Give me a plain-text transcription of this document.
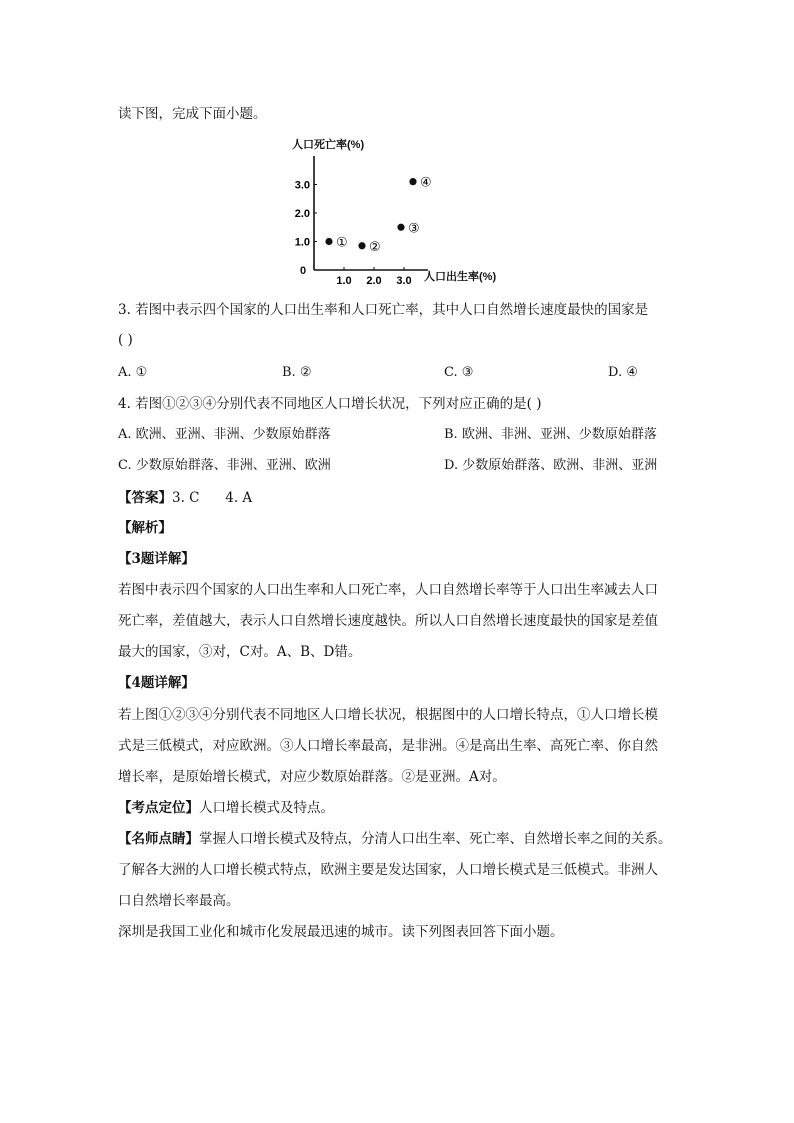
读下图，完成下面小题。
人口死亡率(%)
0	人口出生率(%)
1.0 2.0 3.0
1.0
2.0
3.0
① ②
③
④
3. 若图中表示四个国家的人口出生率和人口死亡率，其中人口自然增长速度最快的国家是
( )
A. ①	B. ②	C. ③	D. ④
4. 若图①②③④分别代表不同地区人口增长状况，下列对应正确的是( )
A. 欧洲、亚洲、非洲、少数原始群落	B. 欧洲、非洲、亚洲、少数原始群落
C. 少数原始群落、非洲、亚洲、欧洲	D. 少数原始群落、欧洲、非洲、亚洲
【答案】3. C      4. A
【解析】
【3题详解】
若图中表示四个国家的人口出生率和人口死亡率，人口自然增长率等于人口出生率减去人口
死亡率，差值越大，表示人口自然增长速度越快。所以人口自然增长速度最快的国家是差值
最大的国家，③对，C对。A、B、D错。
【4题详解】
若上图①②③④分别代表不同地区人口增长状况，根据图中的人口增长特点，①人口增长模
式是三低模式，对应欧洲。③人口增长率最高，是非洲。④是高出生率、高死亡率、你自然
增长率，是原始增长模式，对应少数原始群落。②是亚洲。A对。
【考点定位】人口增长模式及特点。
【名师点睛】掌握人口增长模式及特点，分清人口出生率、死亡率、自然增长率之间的关系。
了解各大洲的人口增长模式特点，欧洲主要是发达国家，人口增长模式是三低模式。非洲人
口自然增长率最高。
深圳是我国工业化和城市化发展最迅速的城市。读下列图表回答下面小题。
